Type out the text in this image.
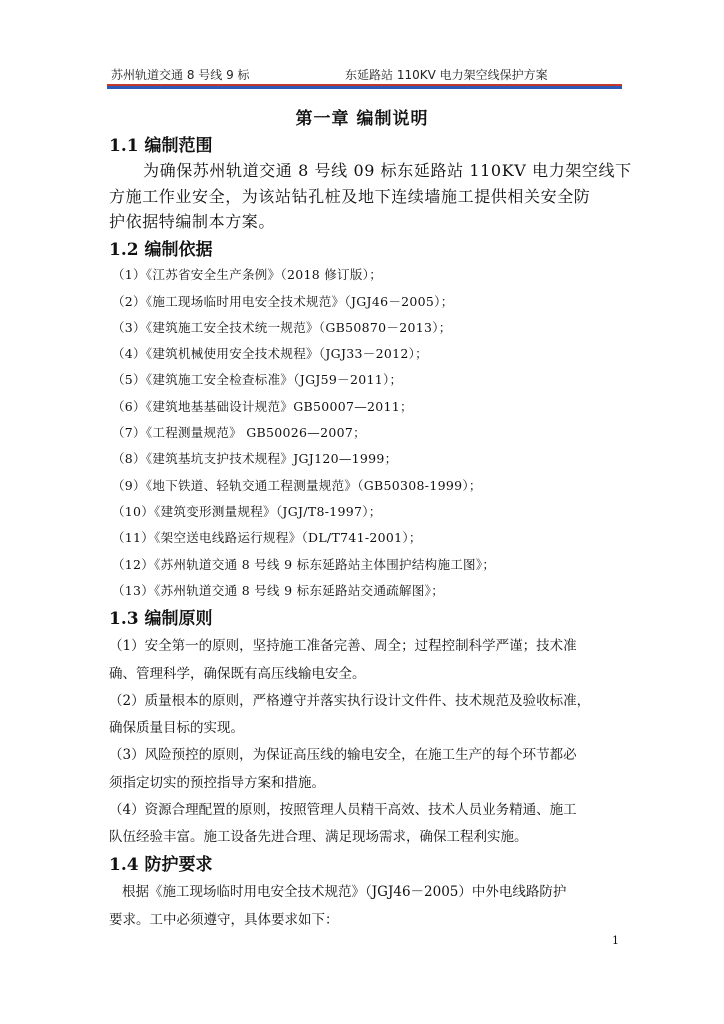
苏州轨道交通 8 号线 9 标	东延路站 110KV 电力架空线保护方案
第一章 编制说明
1.1 编制范围
为确保苏州轨道交通 8 号线 09 标东延路站 110KV 电力架空线下
方施工作业安全，为该站钻孔桩及地下连续墙施工提供相关安全防
护依据特编制本方案。
1.2 编制依据
（1）《江苏省安全生产条例》（2018 修订版）；
（2）《施工现场临时用电安全技术规范》（JGJ46－2005）；
（3）《建筑施工安全技术统一规范》（GB50870－2013）；
（4）《建筑机械使用安全技术规程》（JGJ33－2012）；
（5）《建筑施工安全检查标准》（JGJ59－2011）；
（6）《建筑地基基础设计规范》GB50007—2011；
（7）《工程测量规范》 GB50026—2007；
（8）《建筑基坑支护技术规程》JGJ120—1999；
（9）《地下铁道、轻轨交通工程测量规范》（GB50308-1999）；
（10）《建筑变形测量规程》（JGJ/T8-1997）；
（11）《架空送电线路运行规程》（DL/T741-2001）；
（12）《苏州轨道交通 8 号线 9 标东延路站主体围护结构施工图》；
（13）《苏州轨道交通 8 号线 9 标东延路站交通疏解图》；
1.3 编制原则
（1）安全第一的原则，坚持施工准备完善、周全；过程控制科学严谨；技术准
确、管理科学，确保既有高压线输电安全。
（2）质量根本的原则，严格遵守并落实执行设计文件件、技术规范及验收标准，
确保质量目标的实现。
（3）风险预控的原则，为保证高压线的输电安全，在施工生产的每个环节都必
须指定切实的预控指导方案和措施。
（4）资源合理配置的原则，按照管理人员精干高效、技术人员业务精通、施工
队伍经验丰富。施工设备先进合理、满足现场需求，确保工程利实施。
1.4 防护要求
根据《施工现场临时用电安全技术规范》（JGJ46－2005）中外电线路防护
要求。工中必须遵守，具体要求如下：
1
